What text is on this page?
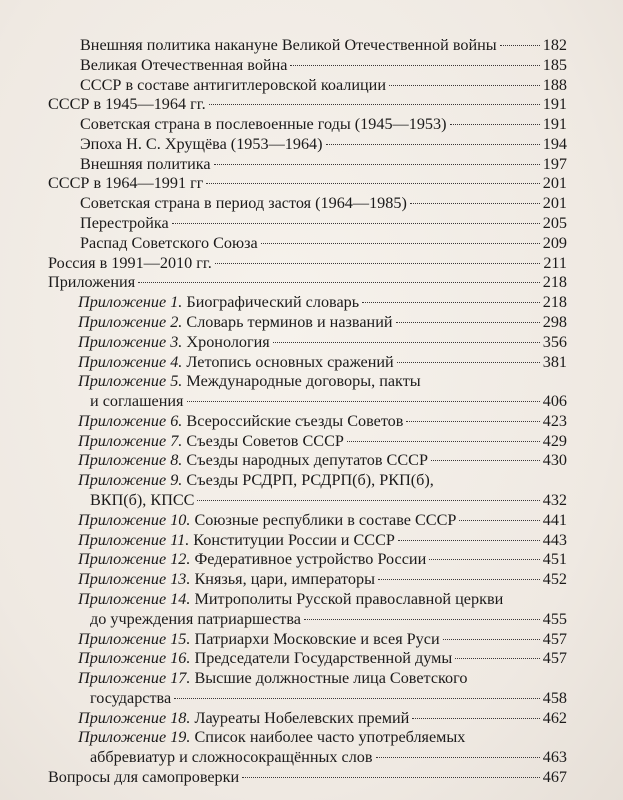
Внешняя политика накануне Великой Отечественной войны	182
Великая Отечественная война	185
СССР в составе антигитлеровской коалиции	188
СССР в 1945—1964 гг.	191
Советская страна в послевоенные годы (1945—1953)	191
Эпоха Н. С. Хрущёва (1953—1964)	194
Внешняя политика	197
СССР в 1964—1991 гг	201
Советская страна в период застоя (1964—1985)	201
Перестройка	205
Распад Советского Союза	209
Россия в 1991—2010 гг.	211
Приложения	218
Приложение 1. Биографический словарь	218
Приложение 2. Словарь терминов и названий	298
Приложение 3. Хронология	356
Приложение 4. Летопись основных сражений	381
Приложение 5. Международные договоры, пакты
и соглашения	406
Приложение 6. Всероссийские съезды Советов	423
Приложение 7. Съезды Советов СССР	429
Приложение 8. Съезды народных депутатов СССР	430
Приложение 9. Съезды РСДРП, РСДРП(б), РКП(б),
ВКП(б), КПСС	432
Приложение 10. Союзные республики в составе СССР	441
Приложение 11. Конституции России и СССР	443
Приложение 12. Федеративное устройство России	451
Приложение 13. Князья, цари, императоры	452
Приложение 14. Митрополиты Русской православной церкви
до учреждения патриаршества	455
Приложение 15. Патриархи Московские и всея Руси	457
Приложение 16. Председатели Государственной думы	457
Приложение 17. Высшие должностные лица Советского
государства	458
Приложение 18. Лауреаты Нобелевских премий	462
Приложение 19. Список наиболее часто употребляемых
аббревиатур и сложносокращённых слов	463
Вопросы для самопроверки	467
